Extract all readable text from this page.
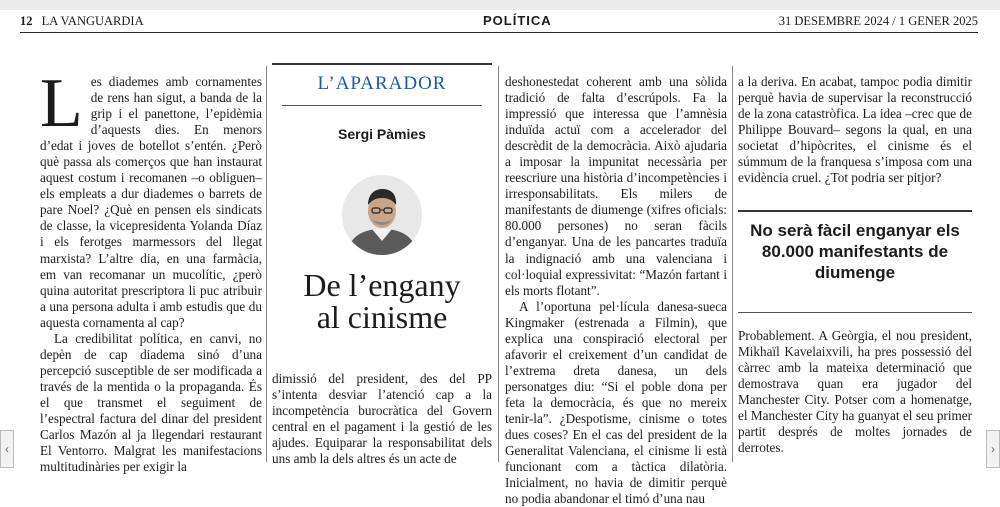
12 LA VANGUARDIA	POLÍTICA	31 DESEMBRE 2024 / 1 GENER 2025

Les diademes amb cornamentes de rens han sigut, a banda de la grip i el panettone, l’epidèmia d’aquests dies. En menors d’edat i joves de botellot s’entén. ¿Però què passa als comerços que han instaurat aquest costum i recomanen –o obliguen– els empleats a dur diademes o barrets de pare Noel? ¿Què en pensen els sindicats de classe, la vicepresidenta Yolanda Díaz i els ferotges marmessors del llegat marxista? L’altre dia, en una farmàcia, em van recomanar un mucolític, ¿però quina autoritat prescriptora li puc atribuir a una persona adulta i amb estudis que du aquesta cornamenta al cap?

La credibilitat política, en canvi, no depèn de cap diadema sinó d’una percepció susceptible de ser modificada a través de la mentida o la propaganda. És el que transmet el seguiment de l’espectral factura del dinar del president Carlos Mazón al ja llegendari restaurant El Ventorro. Malgrat les manifestacions multitudinàries per exigir la

L’APARADOR
Sergi Pàmies
De l’engany
al cinisme

dimissió del president, des del PP s’intenta desviar l’atenció cap a la incompetència burocràtica del Govern central en el pagament i la gestió de les ajudes. Equiparar la responsabilitat dels uns amb la dels altres és un acte de

deshonestedat coherent amb una sòlida tradició de falta d’escrúpols. Fa la impressió que interessa que l’amnèsia induïda actuï com a accelerador del descrèdit de la democràcia. Això ajudaria a imposar la impunitat necessària per reescriure una història d’incompetències i irresponsabilitats. Els milers de manifestants de diumenge (xifres oficials: 80.000 persones) no seran fàcils d’enganyar. Una de les pancartes traduïa la indignació amb una valenciana i col·loquial expressivitat: “Mazón fartant i els morts flotant”.

A l’oportuna pel·lícula danesa-sueca Kingmaker (estrenada a Filmin), que explica una conspiració electoral per afavorir el creixement d’un candidat de l’extrema dreta danesa, un dels personatges diu: “Si el poble dona per feta la democràcia, és que no mereix tenir-la”. ¿Despotisme, cinisme o totes dues coses? En el cas del president de la Generalitat Valenciana, el cinisme li està funcionant com a tàctica dilatòria. Inicialment, no havia de dimitir perquè no podia abandonar el timó d’una nau

a la deriva. En acabat, tampoc podia dimitir perquè havia de supervisar la reconstrucció de la zona catastròfica. La idea –crec que de Philippe Bouvard– segons la qual, en una societat d’hipòcrites, el cinisme és el súmmum de la franquesa s’imposa com una evidència cruel. ¿Tot podria ser pitjor?

No serà fàcil enganyar els 80.000 manifestants de diumenge

Probablement. A Geòrgia, el nou president, Mikhaïl Kavelaixvili, ha pres possessió del càrrec amb la mateixa determinació que demostrava quan era jugador del Manchester City. Potser com a homenatge, el Manchester City ha guanyat el seu primer partit després de moltes jornades de derrotes.

‹	›
